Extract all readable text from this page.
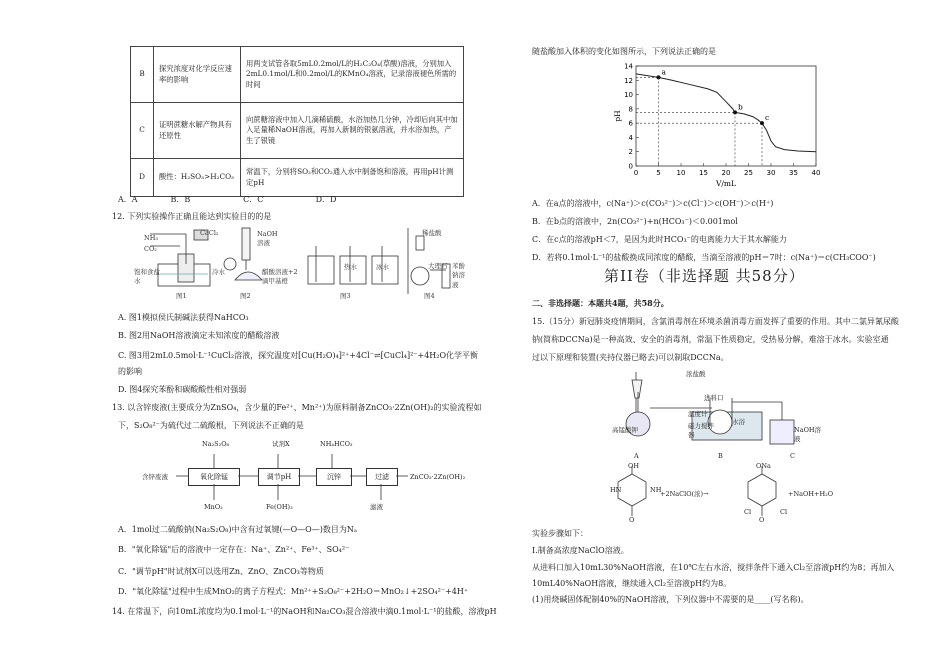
B	探究浓度对化学反应速率的影响	用两支试管各取5mL0.2mol/L的H₂C₂O₄(草酸)溶液，分别加入2mL0.1mol/L和0.2mol/L的KMnO₄溶液，记录溶液褪色所需的时间
C	证明蔗糖水解产物具有还原性	向蔗糖溶液中加入几滴稀硫酸，水浴加热几分钟，冷却后向其中加入足量稀NaOH溶液，再加入新制的银氨溶液，并水浴加热，产生了银镜
D	酸性：H₂SO₃>H₂CO₃	常温下，分别将SO₂和CO₂通入水中制备饱和溶液，再用pH计测定pH
A．A	B．B	C．C	D．D
12. 下列实验操作正确且能达到实验目的的是
NH₃
CO₂
CaCl₂
饱和食盐水
冷水
NaOH溶液
醋酸溶液+2滴甲基橙
热水	冰水
稀盐酸
大理石 苯酚钠溶液
图1	图2	图3	图4
A. 图1模拟侯氏制碱法获得NaHCO₃
B. 图2用NaOH溶液滴定未知浓度的醋酸溶液
C. 图3用2mL0.5mol·L⁻¹CuCl₂溶液，探究温度对[Cu(H₂O)₄]²⁺+4Cl⁻⇌[CuCl₄]²⁻+4H₂O化学平衡
的影响
D. 图4探究苯酚和碳酸酸性相对强弱
13. 以含锌废液(主要成分为ZnSO₄，含少量的Fe²⁺、Mn²⁺)为原料制备ZnCO₃·2Zn(OH)₂的实验流程如
下，S₂O₈²⁻为硫代过二硫酸根，下列说法不正确的是
Na₂S₂O₈	试剂X	NH₄HCO₃
含锌废液	氧化除锰	调节pH	沉锌	过滤	ZnCO₃·2Zn(OH)₂
MnO₂	Fe(OH)₃	滤液
A．1mol过二硫酸钠(Na₂S₂O₈)中含有过氧键(—O—O—)数目为Nₐ
B．"氧化除锰"后的溶液中一定存在：Na⁺、Zn²⁺、Fe³⁺、SO₄²⁻
C．"调节pH"时试剂X可以选用Zn、ZnO、ZnCO₃等物质
D．"氧化除锰"过程中生成MnO₂的离子方程式：Mn²⁺+S₂O₈²⁻+2H₂O＝MnO₂↓+2SO₄²⁻+4H⁺
14. 在常温下，向10mL浓度均为0.1mol·L⁻¹的NaOH和Na₂CO₃混合溶液中滴0.1mol·L⁻¹的盐酸，溶液pH
随盐酸加入体积的变化如图所示，下列说法正确的是
0	5 10 15 20 25 30 35 40
0
2
4
6
8
10
12
14
V/mL
pH
a
b
c
A．在a点的溶液中，c(Na⁺)＞c(CO₃²⁻)＞c(Cl⁻)＞c(OH⁻)＞c(H⁺)
B．在b点的溶液中，2n(CO₃²⁻)+n(HCO₃⁻)＜0.001mol
C．在c点的溶液pH＜7，是因为此时HCO₃⁻的电离能力大于其水解能力
D．若将0.1mol·L⁻¹的盐酸换成同浓度的醋酸，当滴至溶液的pH＝7时：c(Na⁺)＝c(CH₃COO⁻)
第II卷（非选择题 共58分）
二、非选择题：本题共4题，共58分。
15.（15分）新冠肺炎疫情期间，含氯消毒剂在环境杀菌消毒方面发挥了重要的作用。其中二氯异氰尿酸
钠(简称DCCNa)是一种高效、安全的消毒剂，常温下性质稳定，受热易分解，难溶于冰水。实验室通
过以下原理和装置(夹持仪器已略去)可以制取DCCNa。
浓盐酸
进料口
温度计
磁力搅拌器
水浴
高锰酸钾	NaOH溶液
A	B	C
OH
HN	NH
O
+2NaClO(浓)→
ONa
Cl	Cl
O
+NaOH+H₂O
实验步骤如下：
I.制备高浓度NaClO溶液。
从进料口加入10mL30%NaOH溶液，在10℃左右水浴，搅拌条件下通入Cl₂至溶液pH约为8；再加入
10mL40%NaOH溶液，继续通入Cl₂至溶液pH约为8。
(1)用烧碱固体配制40%的NaOH溶液，下列仪器中不需要的是____(写名称)。
